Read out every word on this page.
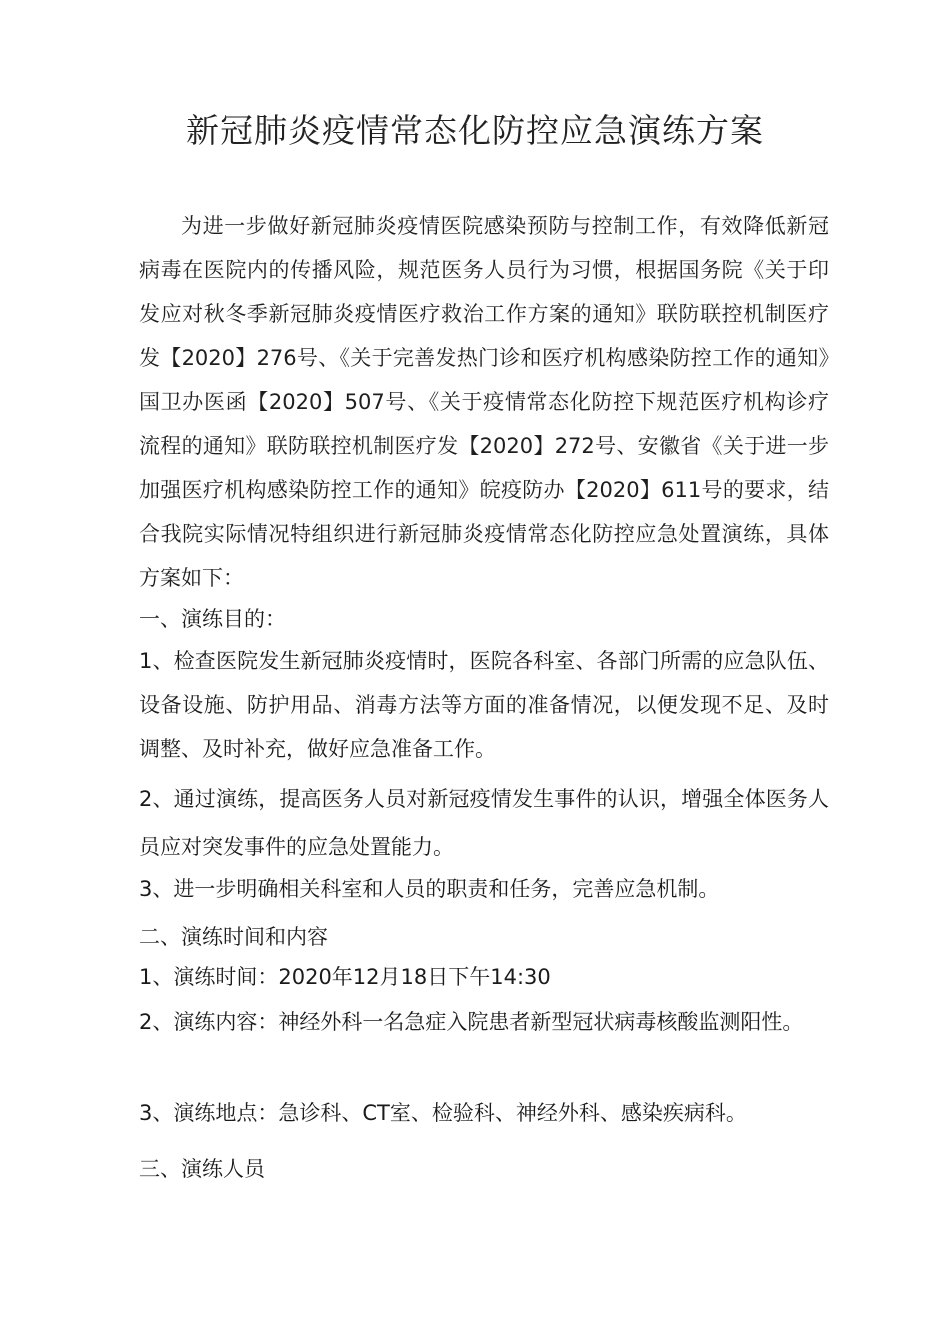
新冠肺炎疫情常态化防控应急演练方案

为进一步做好新冠肺炎疫情医院感染预防与控制工作，有效降低新冠病毒在医院内的传播风险，规范医务人员行为习惯，根据国务院《关于印发应对秋冬季新冠肺炎疫情医疗救治工作方案的通知》联防联控机制医疗发【2020】276号、《关于完善发热门诊和医疗机构感染防控工作的通知》国卫办医函【2020】507号、《关于疫情常态化防控下规范医疗机构诊疗流程的通知》联防联控机制医疗发【2020】272号、安徽省《关于进一步加强医疗机构感染防控工作的通知》皖疫防办【2020】611号的要求，结合我院实际情况特组织进行新冠肺炎疫情常态化防控应急处置演练，具体方案如下：

一、演练目的：

1、检查医院发生新冠肺炎疫情时，医院各科室、各部门所需的应急队伍、设备设施、防护用品、消毒方法等方面的准备情况，以便发现不足、及时调整、及时补充，做好应急准备工作。

2、通过演练，提高医务人员对新冠疫情发生事件的认识，增强全体医务人员应对突发事件的应急处置能力。

3、进一步明确相关科室和人员的职责和任务，完善应急机制。

二、演练时间和内容

1、演练时间：2020年12月18日下午14:30

2、演练内容：神经外科一名急症入院患者新型冠状病毒核酸监测阳性。

3、演练地点：急诊科、CT室、检验科、神经外科、感染疾病科。

三、演练人员
